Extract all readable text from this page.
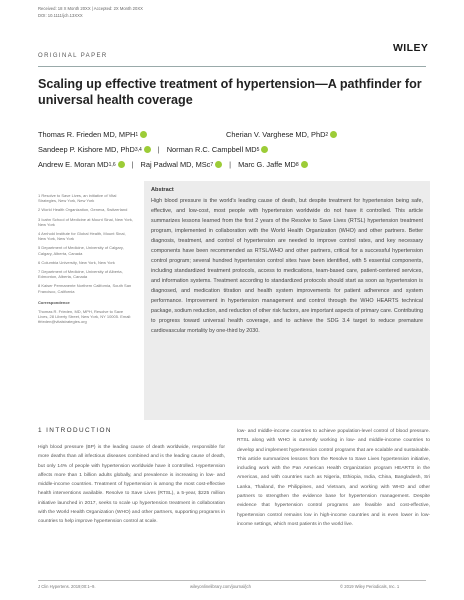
Received: 18 X Month 20XX | Accepted: 2X Month 20XX
DOI: 10.1111/jch.13XXX
WILEY
ORIGINAL PAPER
Scaling up effective treatment of hypertension—A pathfinder for universal health coverage
Thomas R. Frieden MD, MPH 1	Cherian V. Varghese MD, PhD 2
Sandeep P. Kishore MD, PhD 3,4 | Norman R.C. Campbell MD 5
Andrew E. Moran MD 1,6 | Raj Padwal MD, MSc 7 | Marc G. Jaffe MD 8

1 Resolve to Save Lives, an initiative of Vital Strategies, New York, New York

2 World Health Organization, Geneva, Switzerland

3 Icahn School of Medicine at Mount Sinai, New York, New York

4 Arnhold Institute for Global Health, Mount Sinai, New York, New York

5 Department of Medicine, University of Calgary, Calgary, Alberta, Canada

6 Columbia University, New York, New York

7 Department of Medicine, University of Alberta, Edmonton, Alberta, Canada

8 Kaiser Permanente Northern California, South San Francisco, California

Correspondence

Thomas R. Frieden, MD, MPH, Resolve to Save Lives, 28 Liberty Street, New York, NY 10005. Email: tfrieden@vitalstrategies.org

Abstract
High blood pressure is the world's leading cause of death, but despite treatment for hypertension being safe, effective, and low-cost, most people with hypertension worldwide do not have it controlled. This article summarizes lessons learned from the first 2 years of the Resolve to Save Lives (RTSL) hypertension treatment program, implemented in collaboration with the World Health Organization (WHO) and other partners. Better diagnosis, treatment, and control of hypertension are needed to improve control rates, and key necessary components have been recommended as RTSL/WHO and other partners, critical for a successful hypertension control program; several hundred hypertension control sites have been identified, with 5 essential components, including standardized treatment protocols, access to medications, team-based care, patient-centered services, and information systems. Treatment according to standardized protocols should start as soon as hypertension is diagnosed, and medication titration and health system improvements for patient adherence and system performance. Improvement in hypertension management and control through the WHO HEARTS technical package, sodium reduction, and reduction of other risk factors, are important aspects of primary care. Contributing to progress toward universal health coverage, and to achieve the SDG 3.4 target to reduce premature cardiovascular mortality by one-third by 2030.
1 INTRODUCTION
High blood pressure (BP) is the leading cause of death worldwide, responsible for more deaths than all infectious diseases combined and is the leading cause of death, but only 14% of people with hypertension worldwide have it controlled. Hypertension affects more than 1 billion adults globally, and prevalence is increasing in low- and middle-income countries. Treatment of hypertension is among the most cost-effective health interventions available. Resolve to Save Lives (RTSL), a 5-year, $225 million initiative launched in 2017, seeks to scale up hypertension treatment in collaboration with the World Health Organization (WHO) and other partners, supporting programs in countries to help improve hypertension control at scale.
low- and middle-income countries to achieve population-level control of blood pressure. RTSL along with WHO is currently working in low- and middle-income countries to develop and implement hypertension control programs that are scalable and sustainable. This article summarizes lessons from the Resolve to Save Lives hypertension initiative, including work with the Pan American Health Organization program HEARTS in the Americas, and with countries such as Nigeria, Ethiopia, India, China, Bangladesh, Sri Lanka, Thailand, the Philippines, and Vietnam, and working with WHO and other partners to strengthen the evidence base for hypertension management. Despite evidence that hypertension control programs are feasible and cost-effective, hypertension control remains low in high-income countries and is even lower in low-income settings, which most patients in the world live.
J Clin Hypertens. 2019;00:1–9.	wileyonlinelibrary.com/journal/jch	© 2019 Wiley Periodicals, Inc. 1
